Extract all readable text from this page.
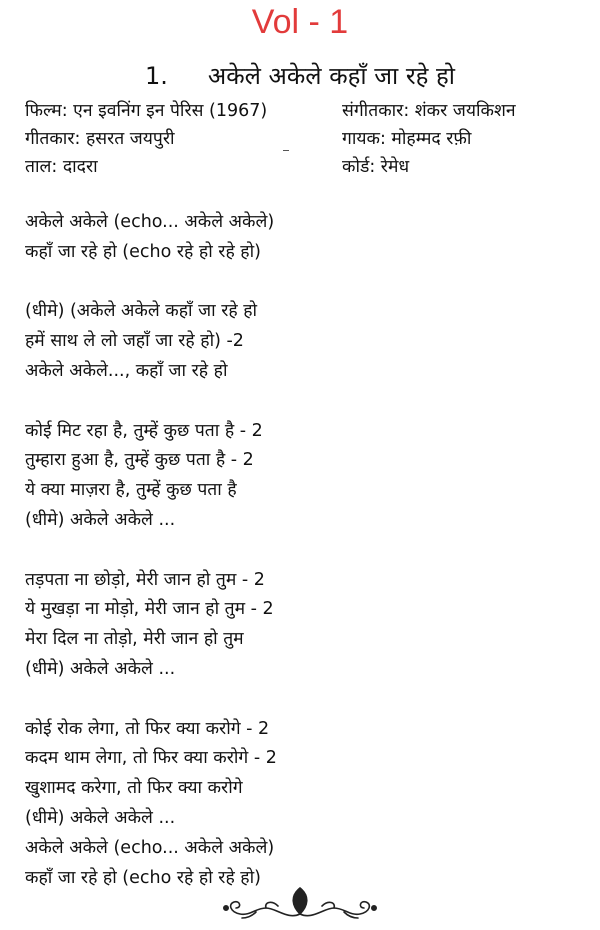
Vol - 1
1. अकेले अकेले कहाँ जा रहे हो
फिल्म: एन इवनिंग इन पेरिस (1967)
गीतकार: हसरत जयपुरी
ताल: दादरा
संगीतकार: शंकर जयकिशन
गायक: मोहम्मद रफ़ी
कोर्ड: रेमेध
अकेले अकेले (echo... अकेले अकेले)
कहाँ जा रहे हो (echo रहे हो रहे हो)
(धीमे) (अकेले अकेले कहाँ जा रहे हो
हमें साथ ले लो जहाँ जा रहे हो) -2
अकेले अकेले..., कहाँ जा रहे हो
कोई मिट रहा है, तुम्हें कुछ पता है - 2
तुम्हारा हुआ है, तुम्हें कुछ पता है - 2
ये क्या माज़रा है, तुम्हें कुछ पता है
(धीमे) अकेले अकेले ...
तड़पता ना छोड़ो, मेरी जान हो तुम - 2
ये मुखड़ा ना मोड़ो, मेरी जान हो तुम - 2
मेरा दिल ना तोड़ो, मेरी जान हो तुम
(धीमे) अकेले अकेले ...
कोई रोक लेगा, तो फिर क्या करोगे - 2
कदम थाम लेगा, तो फिर क्या करोगे - 2
खुशामद करेगा, तो फिर क्या करोगे
(धीमे) अकेले अकेले ...
अकेले अकेले (echo... अकेले अकेले)
कहाँ जा रहे हो (echo रहे हो रहे हो)
